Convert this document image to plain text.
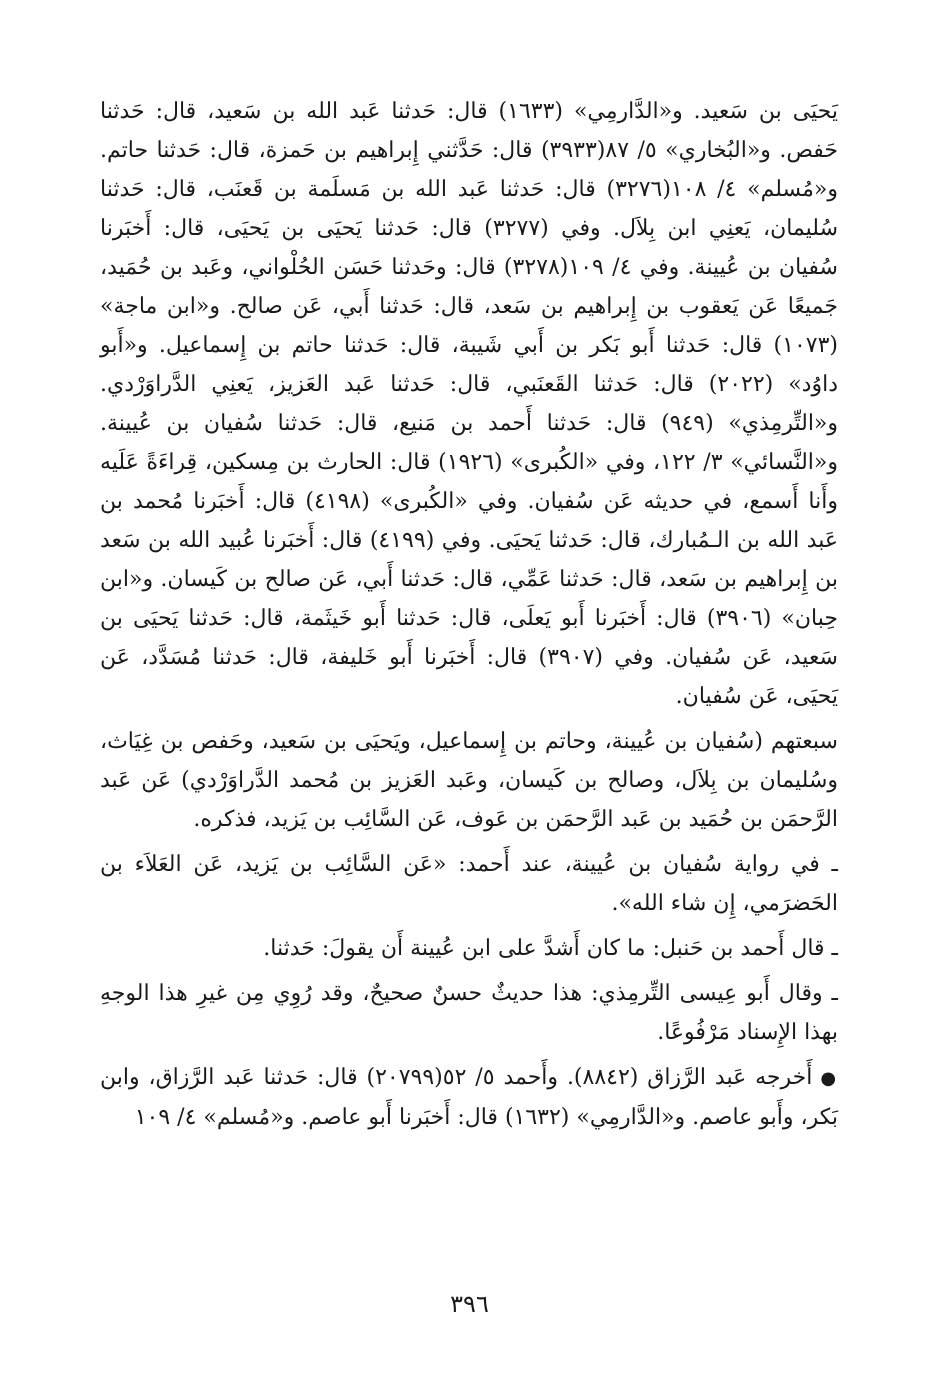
يَحيَى بن سَعيد. و«الدَّارمِي» (١٦٣٣) قال: حَدثنا عَبد الله بن سَعيد، قال: حَدثنا حَفص. و«البُخاري» ٥/ ٨٧(٣٩٣٣) قال: حَدَّثني إِبراهيم بن حَمزة، قال: حَدثنا حاتم. و«مُسلم» ٤/ ١٠٨(٣٢٧٦) قال: حَدثنا عَبد الله بن مَسلَمة بن قَعنَب، قال: حَدثنا سُليمان، يَعنِي ابن بِلاَل. وفي (٣٢٧٧) قال: حَدثنا يَحيَى بن يَحيَى، قال: أَخبَرنا سُفيان بن عُيينة. وفي ٤/ ١٠٩(٣٢٧٨) قال: وحَدثنا حَسَن الحُلْواني، وعَبد بن حُمَيد، جَميعًا عَن يَعقوب بن إِبراهيم بن سَعد، قال: حَدثنا أَبي، عَن صالح. و«ابن ماجة» (١٠٧٣) قال: حَدثنا أَبو بَكر بن أَبي شَيبة، قال: حَدثنا حاتم بن إِسماعيل. و«أَبو داوُد» (٢٠٢٢) قال: حَدثنا القَعنَبي، قال: حَدثنا عَبد العَزيز، يَعنِي الدَّراوَرْدي. و«التِّرمِذي» (٩٤٩) قال: حَدثنا أَحمد بن مَنيع، قال: حَدثنا سُفيان بن عُيينة. و«النَّسائي» ٣/ ١٢٢، وفي «الكُبرى» (١٩٢٦) قال: الحارث بن مِسكين، قِراءَةً عَلَيه وأَنا أَسمع، في حديثه عَن سُفيان. وفي «الكُبرى» (٤١٩٨) قال: أَخبَرنا مُحمد بن عَبد الله بن الـمُبارك، قال: حَدثنا يَحيَى. وفي (٤١٩٩) قال: أَخبَرنا عُبيد الله بن سَعد بن إِبراهيم بن سَعد، قال: حَدثنا عَمِّي، قال: حَدثنا أَبي، عَن صالح بن كَيسان. و«ابن حِبان» (٣٩٠٦) قال: أَخبَرنا أَبو يَعلَى، قال: حَدثنا أَبو خَيثَمة، قال: حَدثنا يَحيَى بن سَعيد، عَن سُفيان. وفي (٣٩٠٧) قال: أَخبَرنا أَبو خَليفة، قال: حَدثنا مُسَدَّد، عَن يَحيَى، عَن سُفيان.

سبعتهم (سُفيان بن عُيينة، وحاتم بن إِسماعيل، ويَحيَى بن سَعيد، وحَفص بن غِيَاث، وسُليمان بن بِلاَل، وصالح بن كَيسان، وعَبد العَزيز بن مُحمد الدَّراوَرْدي) عَن عَبد الرَّحمَن بن حُمَيد بن عَبد الرَّحمَن بن عَوف، عَن السَّائِب بن يَزيد، فذكره.

ـ في رواية سُفيان بن عُيينة، عند أَحمد: «عَن السَّائِب بن يَزيد، عَن العَلاَء بن الحَضرَمي، إِن شاء الله».

ـ قال أَحمد بن حَنبل: ما كان أَشدَّ على ابن عُيينة أَن يقولَ: حَدثنا.

ـ وقال أَبو عِيسى التِّرمِذي: هذا حديثٌ حسنٌ صحيحٌ، وقد رُوِي مِن غيرِ هذا الوجهِ بهذا الإِسناد مَرْفُوعًا.

●أَخرجه عَبد الرَّزاق (٨٨٤٢). وأَحمد ٥/ ٥٢(٢٠٧٩٩) قال: حَدثنا عَبد الرَّزاق، وابن بَكر، وأَبو عاصم. و«الدَّارمِي» (١٦٣٢) قال: أَخبَرنا أَبو عاصم. و«مُسلم» ٤/ ١٠٩

٣٩٦
